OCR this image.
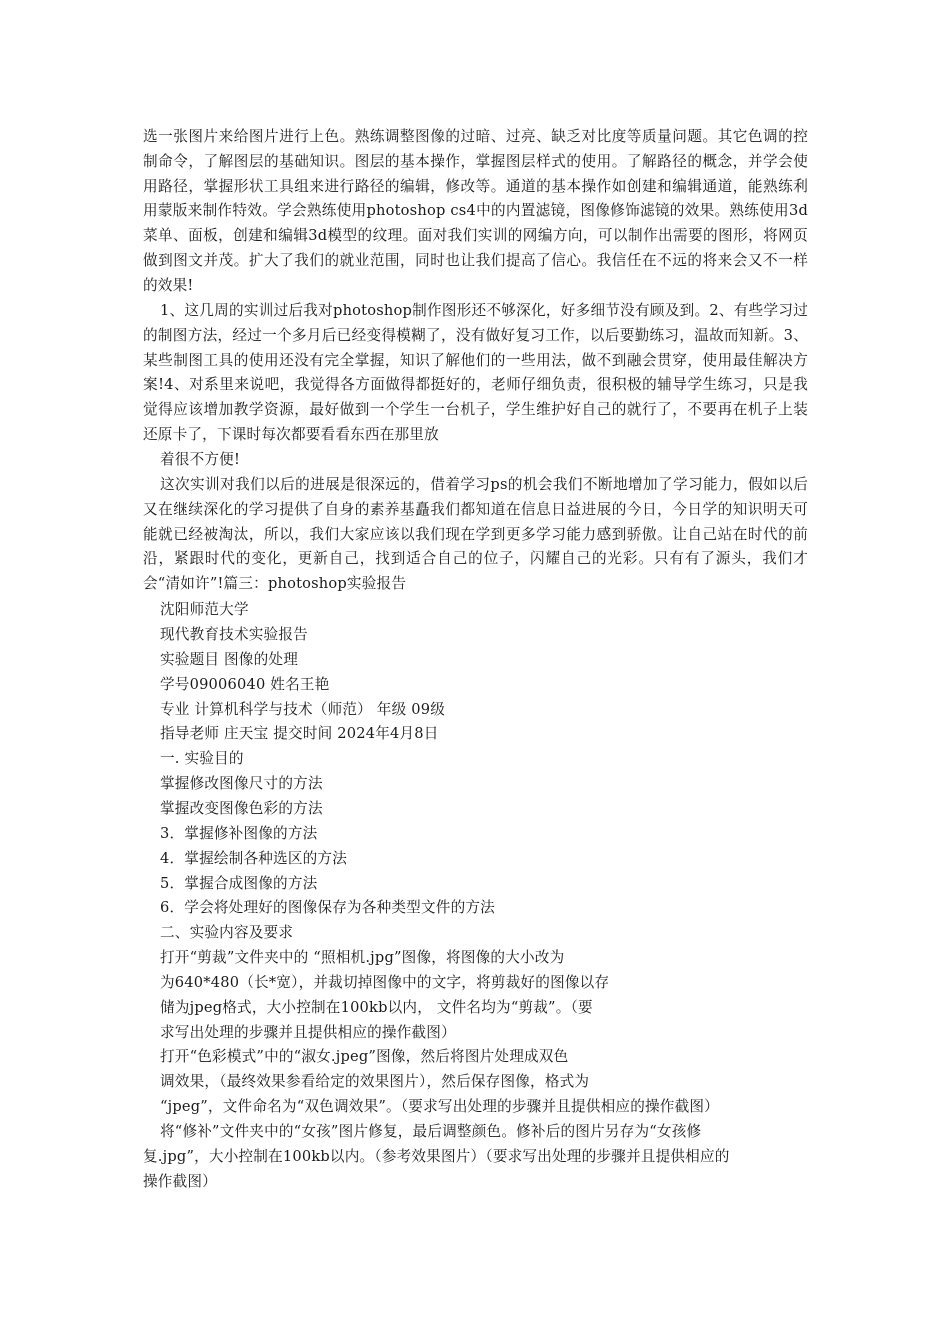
选一张图片来给图片进行上色。熟练调整图像的过暗、过亮、缺乏对比度等质量问题。其它色调的控制命令，了解图层的基础知识。图层的基本操作，掌握图层样式的使用。了解路径的概念，并学会使用路径，掌握形状工具组来进行路径的编辑，修改等。通道的基本操作如创建和编辑通道，能熟练利用蒙版来制作特效。学会熟练使用photoshop cs4中的内置滤镜，图像修饰滤镜的效果。熟练使用3d菜单、面板，创建和编辑3d模型的纹理。面对我们实训的网编方向，可以制作出需要的图形，将网页做到图文并茂。扩大了我们的就业范围，同时也让我们提高了信心。我信任在不远的将来会又不一样的效果!

1、这几周的实训过后我对photoshop制作图形还不够深化，好多细节没有顾及到。2、有些学习过的制图方法，经过一个多月后已经变得模糊了，没有做好复习工作，以后要勤练习，温故而知新。3、某些制图工具的使用还没有完全掌握，知识了解他们的一些用法，做不到融会贯穿，使用最佳解决方案!4、对系里来说吧，我觉得各方面做得都挺好的，老师仔细负责，很积极的辅导学生练习，只是我觉得应该增加教学资源，最好做到一个学生一台机子，学生维护好自己的就行了，不要再在机子上装还原卡了，下课时每次都要看看东西在那里放

着很不方便!

这次实训对我们以后的进展是很深远的，借着学习ps的机会我们不断地增加了学习能力，假如以后又在继续深化的学习提供了自身的素养基矗我们都知道在信息日益进展的今日，今日学的知识明天可能就已经被淘汰，所以，我们大家应该以我们现在学到更多学习能力感到骄傲。让自己站在时代的前沿，紧跟时代的变化，更新自己，找到适合自己的位子，闪耀自己的光彩。只有有了源头，我们才会“清如许”!篇三：photoshop实验报告

沈阳师范大学

现代教育技术实验报告

实验题目 图像的处理

学号09006040 姓名王艳

专业 计算机科学与技术（师范） 年级 09级

指导老师 庄天宝 提交时间 2024年4月8日

一. 实验目的

掌握修改图像尺寸的方法

掌握改变图像色彩的方法

3．掌握修补图像的方法

4．掌握绘制各种选区的方法

5．掌握合成图像的方法

6．学会将处理好的图像保存为各种类型文件的方法

二、实验内容及要求

打开“剪裁”文件夹中的 “照相机.jpg”图像，将图像的大小改为

为640*480（长*宽），并裁切掉图像中的文字，将剪裁好的图像以存

储为jpeg格式，大小控制在100kb以内， 文件名均为“剪裁”。（要

求写出处理的步骤并且提供相应的操作截图）

打开“色彩模式”中的“淑女.jpeg”图像，然后将图片处理成双色

调效果，（最终效果参看给定的效果图片），然后保存图像，格式为

“jpeg”，文件命名为“双色调效果”。（要求写出处理的步骤并且提供相应的操作截图）

将“修补”文件夹中的“女孩”图片修复，最后调整颜色。修补后的图片另存为“女孩修

复.jpg”，大小控制在100kb以内。（参考效果图片）（要求写出处理的步骤并且提供相应的

操作截图）
